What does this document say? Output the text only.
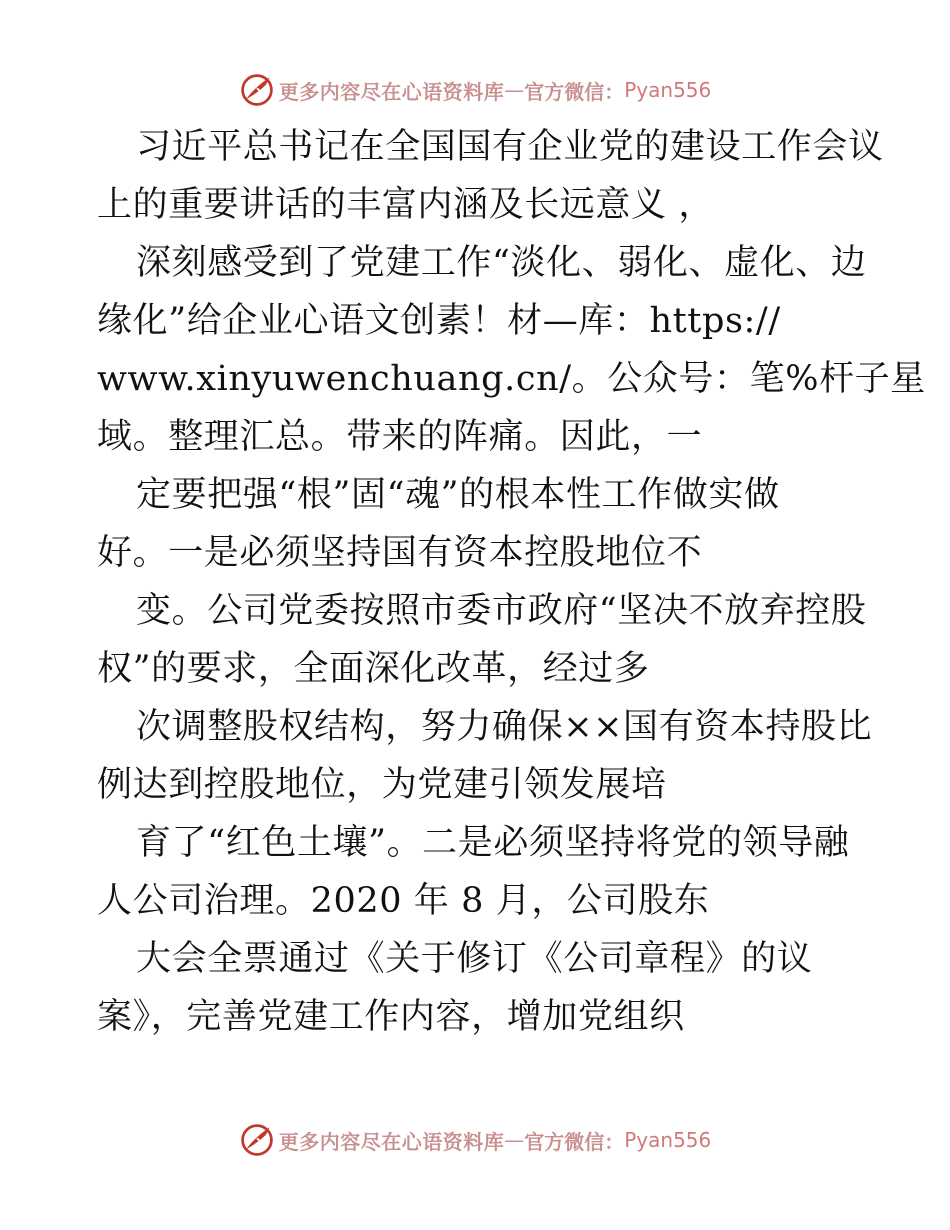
更多内容尽在心语资料库 — 官方微信： Pyan556
习近平总书记在全国国有企业党的建设工作会议
上的重要讲话的丰富内涵及长远意义 ，
深刻感受到了党建工作“淡化、弱化、虚化、边
缘化”给企业心语文创素！材—库：https://
www.xinyuwenchuang.cn/。公众号：笔%杆子星
域。整理汇总。带来的阵痛。因此，一
定要把强“根”固“魂”的根本性工作做实做
好。一是必须坚持国有资本控股地位不
变。公司党委按照市委市政府“坚决不放弃控股
权”的要求，全面深化改革，经过多
次调整股权结构，努力确保××国有资本持股比
例达到控股地位，为党建引领发展培
育了“红色土壤”。二是必须坚持将党的领导融
人公司治理。2020 年 8 月，公司股东
大会全票通过《关于修订《公司章程》的议
案》，完善党建工作内容，增加党组织
更多内容尽在心语资料库 — 官方微信： Pyan556
